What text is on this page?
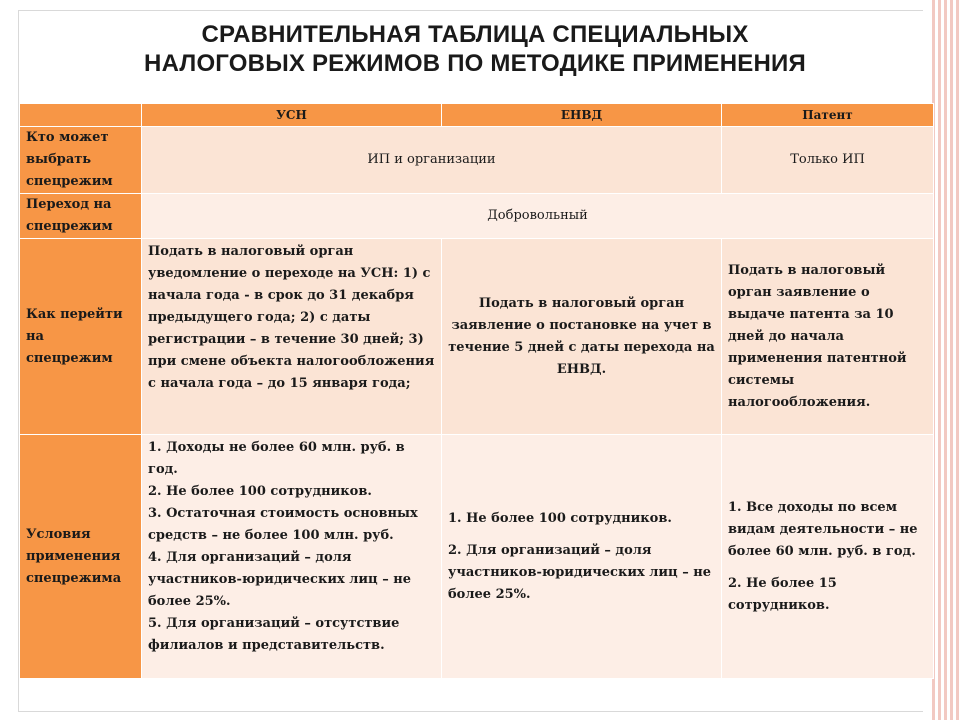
СРАВНИТЕЛЬНАЯ ТАБЛИЦА СПЕЦИАЛЬНЫХ
НАЛОГОВЫХ РЕЖИМОВ ПО МЕТОДИКЕ ПРИМЕНЕНИЯ
	УСН	ЕНВД	Патент
Кто может выбрать спецрежим	ИП и организации		Только ИП
Переход на спецрежим	Добровольный		
Как перейти на спецрежим	Подать в налоговый орган уведомление о переходе на УСН: 1) с начала года - в срок до 31 декабря предыдущего года; 2) с даты регистрации – в течение 30 дней; 3) при смене объекта налогообложения с начала года – до 15 января года;	Подать в налоговый орган заявление о постановке на учет в течение 5 дней с даты перехода на ЕНВД.	Подать в налоговый орган заявление о выдаче патента за 10 дней до начала применения патентной системы налогообложения.
Условия применения спецрежима	1. Доходы не более 60 млн. руб. в год.
2. Не более 100 сотрудников.
3. Остаточная стоимость основных средств – не более 100 млн. руб.
4. Для организаций – доля участников-юридических лиц – не более 25%.
5. Для организаций – отсутствие филиалов и представительств.	1. Не более 100 сотрудников.
2. Для организаций – доля участников-юридических лиц – не более 25%.	1. Все доходы по всем видам деятельности – не более 60 млн. руб. в год.
2. Не более 15 сотрудников.
